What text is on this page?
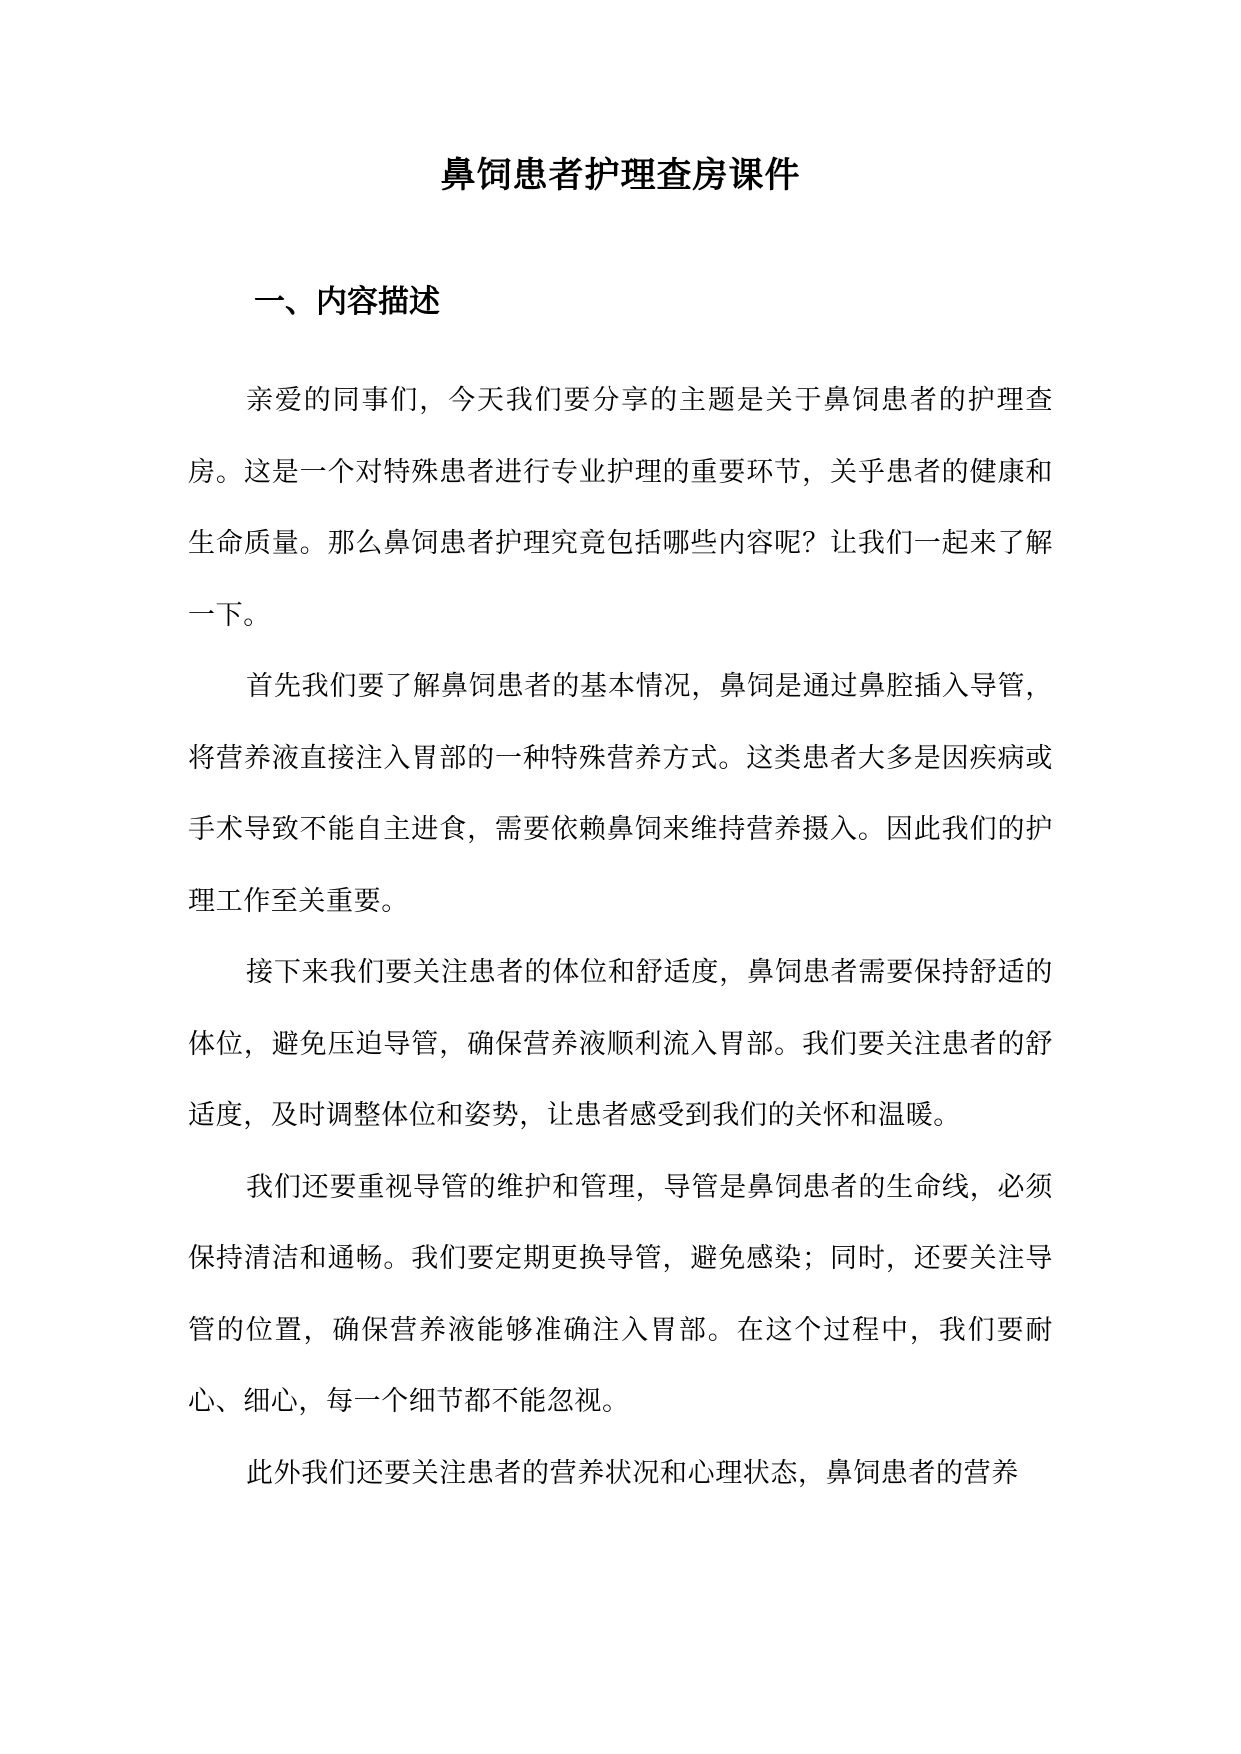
鼻饲患者护理查房课件
一、内容描述

亲爱的同事们，今天我们要分享的主题是关于鼻饲患者的护理查房。这是一个对特殊患者进行专业护理的重要环节，关乎患者的健康和生命质量。那么鼻饲患者护理究竟包括哪些内容呢？让我们一起来了解一下。

首先我们要了解鼻饲患者的基本情况，鼻饲是通过鼻腔插入导管，将营养液直接注入胃部的一种特殊营养方式。这类患者大多是因疾病或手术导致不能自主进食，需要依赖鼻饲来维持营养摄入。因此我们的护理工作至关重要。

接下来我们要关注患者的体位和舒适度，鼻饲患者需要保持舒适的体位，避免压迫导管，确保营养液顺利流入胃部。我们要关注患者的舒适度，及时调整体位和姿势，让患者感受到我们的关怀和温暖。

我们还要重视导管的维护和管理，导管是鼻饲患者的生命线，必须保持清洁和通畅。我们要定期更换导管，避免感染；同时，还要关注导管的位置，确保营养液能够准确注入胃部。在这个过程中，我们要耐心、细心，每一个细节都不能忽视。

此外我们还要关注患者的营养状况和心理状态，鼻饲患者的营养
